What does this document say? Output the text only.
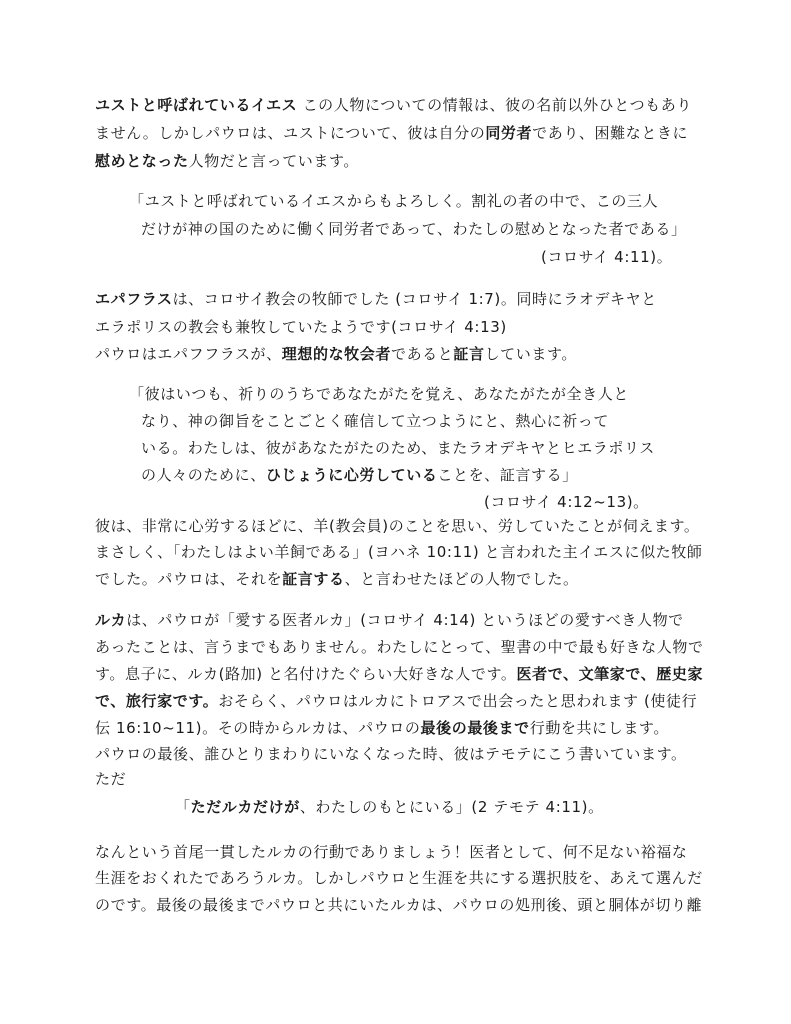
ユストと呼ばれているイエス この人物についての情報は、彼の名前以外ひとつもあり
ません。しかしパウロは、ユストについて、彼は自分の同労者であり、困難なときに
慰めとなった人物だと言っています。
「ユストと呼ばれているイエスからもよろしく。割礼の者の中で、この三人
だけが神の国のために働く同労者であって、わたしの慰めとなった者である」
(コロサイ 4:11)。
エパフラスは、コロサイ教会の牧師でした (コロサイ 1:7)。同時にラオデキヤと
エラポリスの教会も兼牧していたようです(コロサイ 4:13)
パウロはエパフフラスが、理想的な牧会者であると証言しています。
「彼はいつも、祈りのうちであなたがたを覚え、あなたがたが全き人と
なり、神の御旨をことごとく確信して立つようにと、熱心に祈って
いる。わたしは、彼があなたがたのため、またラオデキヤとヒエラポリス
の人々のために、ひじょうに心労していることを、証言する」
(コロサイ 4:12~13)。
彼は、非常に心労するほどに、羊(教会員)のことを思い、労していたことが伺えます。
まさしく、「わたしはよい羊飼である」(ヨハネ 10:11) と言われた主イエスに似た牧師
でした。パウロは、それを証言する、と言わせたほどの人物でした。
ルカは、パウロが「愛する医者ルカ」(コロサイ 4:14) というほどの愛すべき人物で
あったことは、言うまでもありません。わたしにとって、聖書の中で最も好きな人物で
す。息子に、ルカ(路加) と名付けたぐらい大好きな人です。医者で、文筆家で、歴史家
で、旅行家です。おそらく、パウロはルカにトロアスで出会ったと思われます (使徒行
伝 16:10~11)。その時からルカは、パウロの最後の最後まで行動を共にします。
パウロの最後、誰ひとりまわりにいなくなった時、彼はテモテにこう書いています。
ただ
「ただルカだけが、わたしのもとにいる」(2 テモテ 4:11)。
なんという首尾一貫したルカの行動でありましょう！医者として、何不足ない裕福な
生涯をおくれたであろうルカ。しかしパウロと生涯を共にする選択肢を、あえて選んだ
のです。最後の最後までパウロと共にいたルカは、パウロの処刑後、頭と胴体が切り離
